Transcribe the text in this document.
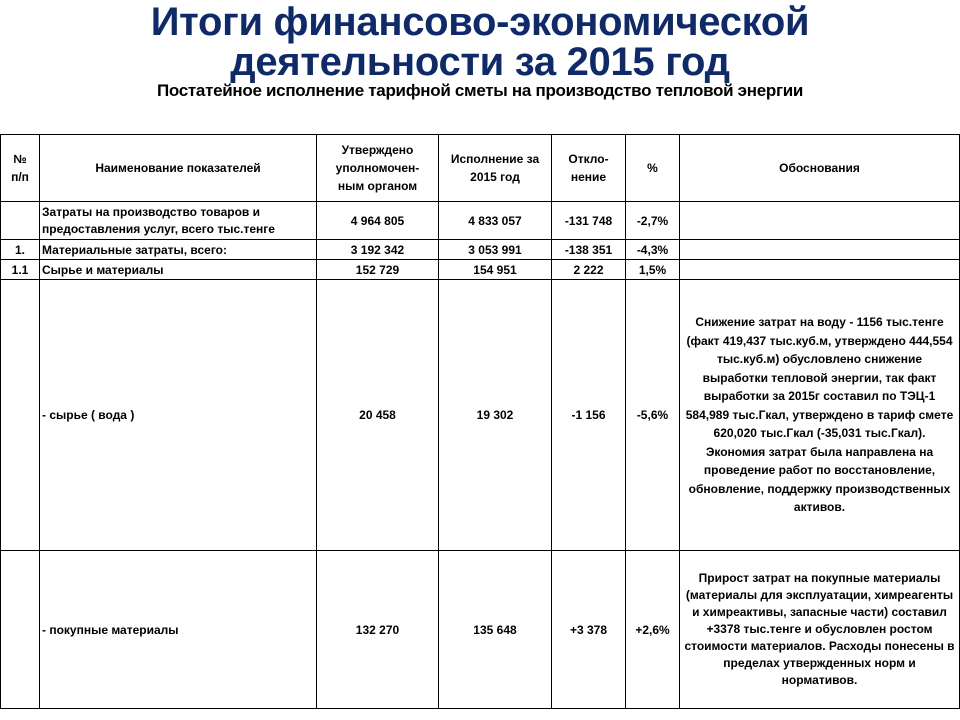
Итоги финансово-экономической
деятельности за 2015 год
Постатейное исполнение тарифной сметы на производство тепловой энергии
№ п/п	Наименование показателей	Утверждено уполномочен-ным органом	Исполнение за 2015 год	Откло-нение	%	Обоснования
	Затраты на производство товаров и предоставления услуг, всего тыс.тенге	4 964 805	4 833 057	-131 748	-2,7%	
1.	Материальные затраты, всего:	3 192 342	3 053 991	-138 351	-4,3%	
1.1	Сырье и материалы	152 729	154 951	2 222	1,5%	
	- сырье ( вода )	20 458	19 302	-1 156	-5,6%	Снижение затрат на воду - 1156 тыс.тенге (факт 419,437 тыс.куб.м, утверждено 444,554 тыс.куб.м) обусловлено снижение выработки тепловой энергии, так факт выработки за 2015г составил по ТЭЦ-1 584,989 тыс.Гкал, утверждено в тариф смете 620,020 тыс.Гкал (-35,031 тыс.Гкал). Экономия затрат была направлена на проведение работ по восстановление, обновление, поддержку производственных активов.
	- покупные материалы	132 270	135 648	+3 378	+2,6%	Прирост затрат на покупные материалы (материалы для эксплуатации, химреагенты и химреактивы, запасные части) составил +3378 тыс.тенге и обусловлен ростом стоимости материалов. Расходы понесены в пределах утвержденных норм и нормативов.
